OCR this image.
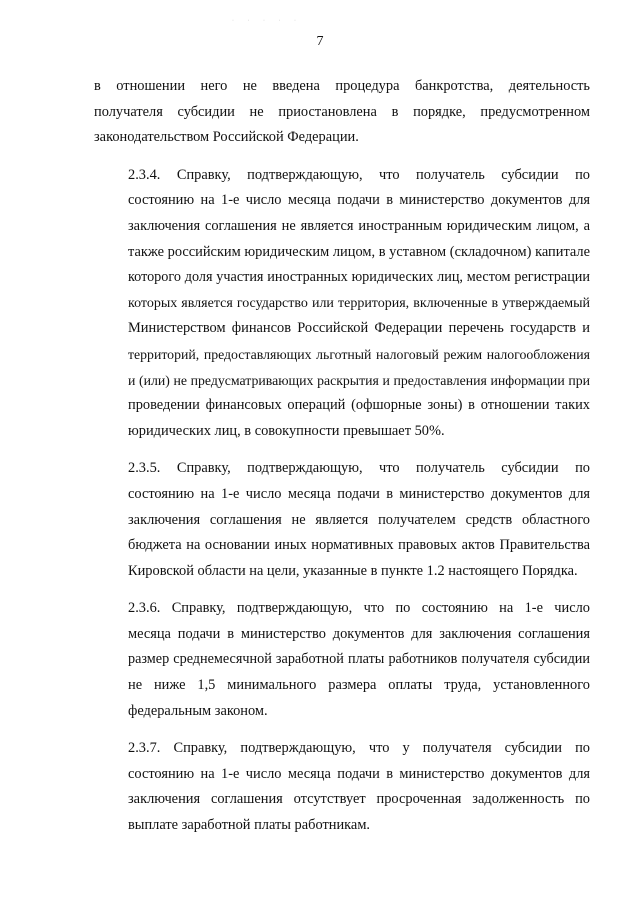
· · · · ·
7
в отношении него не введена процедура банкротства, деятельность
получателя субсидии не приостановлена в порядке, предусмотренном
законодательством Российской Федерации.
2.3.4. Справку, подтверждающую, что получатель субсидии по
состоянию на 1-е число месяца подачи в министерство документов для
заключения соглашения не является иностранным юридическим лицом, а
также российским юридическим лицом, в уставном (складочном) капитале
которого доля участия иностранных юридических лиц, местом регистрации
которых является государство или территория, включенные в утверждаемый
Министерством финансов Российской Федерации перечень государств и
территорий, предоставляющих льготный налоговый режим налогообложения
и (или) не предусматривающих раскрытия и предоставления информации при
проведении финансовых операций (офшорные зоны) в отношении таких
юридических лиц, в совокупности превышает 50%.
2.3.5. Справку, подтверждающую, что получатель субсидии по
состоянию на 1-е число месяца подачи в министерство документов для
заключения соглашения не является получателем средств областного
бюджета на основании иных нормативных правовых актов Правительства
Кировской области на цели, указанные в пункте 1.2 настоящего Порядка.
2.3.6. Справку, подтверждающую, что по состоянию на 1-е число
месяца подачи в министерство документов для заключения соглашения
размер среднемесячной заработной платы работников получателя субсидии
не ниже 1,5 минимального размера оплаты труда, установленного
федеральным законом.
2.3.7. Справку, подтверждающую, что у получателя субсидии по
состоянию на 1-е число месяца подачи в министерство документов для
заключения соглашения отсутствует просроченная задолженность по
выплате заработной платы работникам.
